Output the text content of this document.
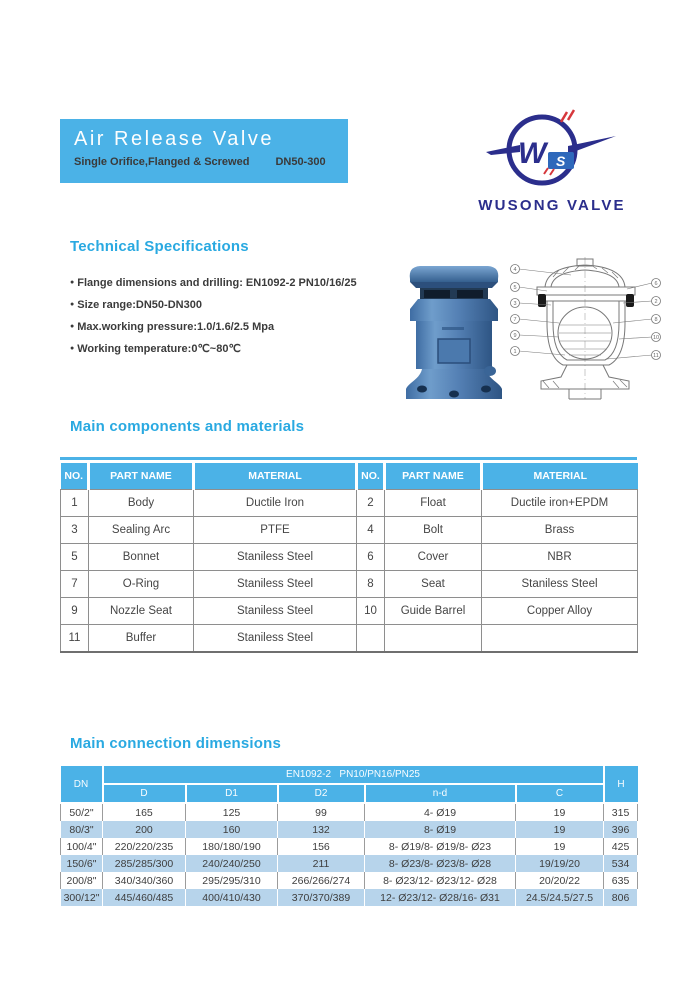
Air Release Valve
Single Orifice,Flanged & Screwed DN50-300	W S
WUSONG VALVE
Technical Specifications
● Flange dimensions and drilling: EN1092-2 PN10/16/25
● Size range:DN50-DN300
● Max.working pressure:1.0/1.6/2.5 Mpa
● Working temperature:0℃~80℃
4
5
3
7
9
1
6
2
8
10
11
Main components and materials
NO.	PART NAME	MATERIAL	NO.	PART NAME	MATERIAL
1	Body	Ductile Iron	2	Float	Ductile iron+EPDM
3	Sealing Arc	PTFE	4	Bolt	Brass
5	Bonnet	Staniless Steel	6	Cover	NBR
7	O-Ring	Staniless Steel	8	Seat	Staniless Steel
9	Nozzle Seat	Staniless Steel	10	Guide Barrel	Copper Alloy
11	Buffer	Staniless Steel			
Main connection dimensions
DN	EN1092-2   PN10/PN16/PN25					H
	D	D1	D2	n-d	C	
50/2"	165	125	99	4- Ø19	19	315
80/3"	200	160	132	8- Ø19	19	396
100/4"	220/220/235	180/180/190	156	8- Ø19/8- Ø19/8- Ø23	19	425
150/6"	285/285/300	240/240/250	211	8- Ø23/8- Ø23/8- Ø28	19/19/20	534
200/8"	340/340/360	295/295/310	266/266/274	8- Ø23/12- Ø23/12- Ø28	20/20/22	635
300/12"	445/460/485	400/410/430	370/370/389	12- Ø23/12- Ø28/16- Ø31	24.5/24.5/27.5	806
